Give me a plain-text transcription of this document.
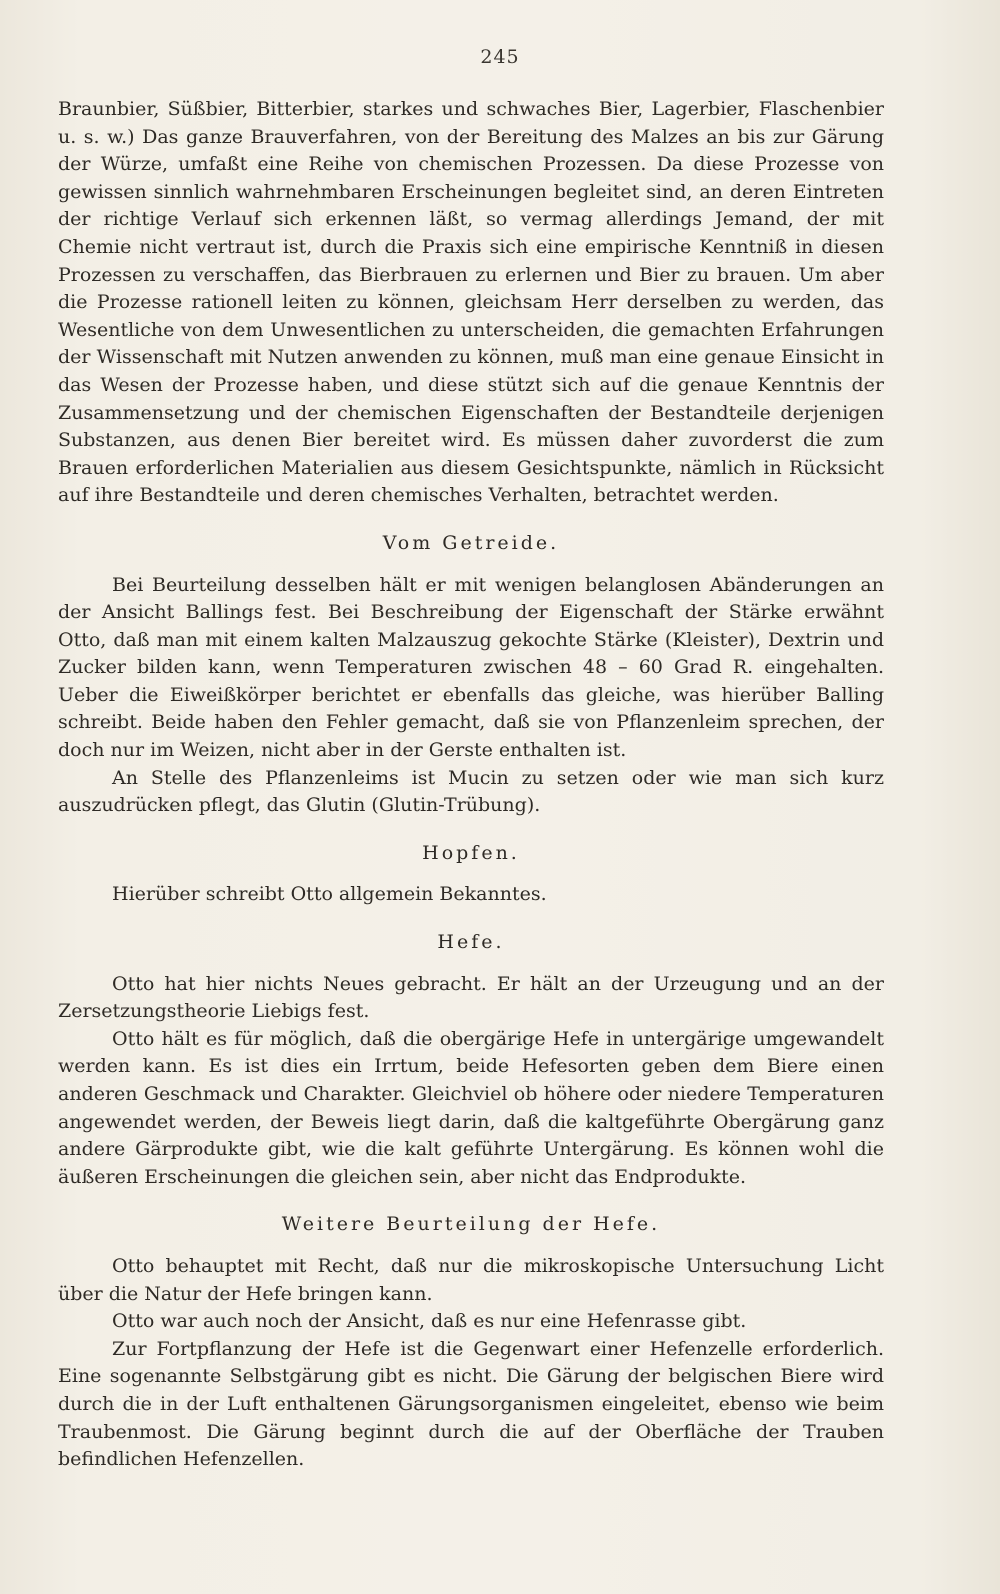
245

Braunbier, Süßbier, Bitterbier, starkes und schwaches Bier, Lagerbier, Flaschenbier u. s. w.) Das ganze Brauverfahren, von der Bereitung des Malzes an bis zur Gärung der Würze, umfaßt eine Reihe von chemischen Prozessen. Da diese Prozesse von gewissen sinnlich wahrnehmbaren Erscheinungen begleitet sind, an deren Eintreten der richtige Verlauf sich erkennen läßt, so vermag allerdings Jemand, der mit Chemie nicht vertraut ist, durch die Praxis sich eine empirische Kenntniß in diesen Prozessen zu verschaffen, das Bierbrauen zu erlernen und Bier zu brauen. Um aber die Prozesse rationell leiten zu können, gleichsam Herr derselben zu werden, das Wesentliche von dem Unwesentlichen zu unterscheiden, die gemachten Erfahrungen der Wissenschaft mit Nutzen anwenden zu können, muß man eine genaue Einsicht in das Wesen der Prozesse haben, und diese stützt sich auf die genaue Kenntnis der Zusammensetzung und der chemischen Eigenschaften der Bestandteile derjenigen Substanzen, aus denen Bier bereitet wird. Es müssen daher zuvorderst die zum Brauen erforderlichen Materialien aus diesem Gesichtspunkte, nämlich in Rücksicht auf ihre Bestandteile und deren chemisches Verhalten, betrachtet werden.

Vom Getreide.

Bei Beurteilung desselben hält er mit wenigen belanglosen Abänderungen an der Ansicht Ballings fest. Bei Beschreibung der Eigenschaft der Stärke erwähnt Otto, daß man mit einem kalten Malzauszug gekochte Stärke (Kleister), Dextrin und Zucker bilden kann, wenn Temperaturen zwischen 48 – 60 Grad R. eingehalten. Ueber die Eiweißkörper berichtet er ebenfalls das gleiche, was hierüber Balling schreibt. Beide haben den Fehler gemacht, daß sie von Pflanzenleim sprechen, der doch nur im Weizen, nicht aber in der Gerste enthalten ist.

An Stelle des Pflanzenleims ist Mucin zu setzen oder wie man sich kurz auszudrücken pflegt, das Glutin (Glutin-Trübung).

Hopfen.

Hierüber schreibt Otto allgemein Bekanntes.

Hefe.

Otto hat hier nichts Neues gebracht. Er hält an der Urzeugung und an der Zersetzungstheorie Liebigs fest.

Otto hält es für möglich, daß die obergärige Hefe in untergärige umgewandelt werden kann. Es ist dies ein Irrtum, beide Hefesorten geben dem Biere einen anderen Geschmack und Charakter. Gleichviel ob höhere oder niedere Temperaturen angewendet werden, der Beweis liegt darin, daß die kaltgeführte Obergärung ganz andere Gärprodukte gibt, wie die kalt geführte Untergärung. Es können wohl die äußeren Erscheinungen die gleichen sein, aber nicht das Endprodukte.

Weitere Beurteilung der Hefe.

Otto behauptet mit Recht, daß nur die mikroskopische Untersuchung Licht über die Natur der Hefe bringen kann.

Otto war auch noch der Ansicht, daß es nur eine Hefenrasse gibt.

Zur Fortpflanzung der Hefe ist die Gegenwart einer Hefenzelle erforderlich. Eine sogenannte Selbstgärung gibt es nicht. Die Gärung der belgischen Biere wird durch die in der Luft enthaltenen Gärungsorganismen eingeleitet, ebenso wie beim Traubenmost. Die Gärung beginnt durch die auf der Oberfläche der Trauben befindlichen Hefenzellen.
